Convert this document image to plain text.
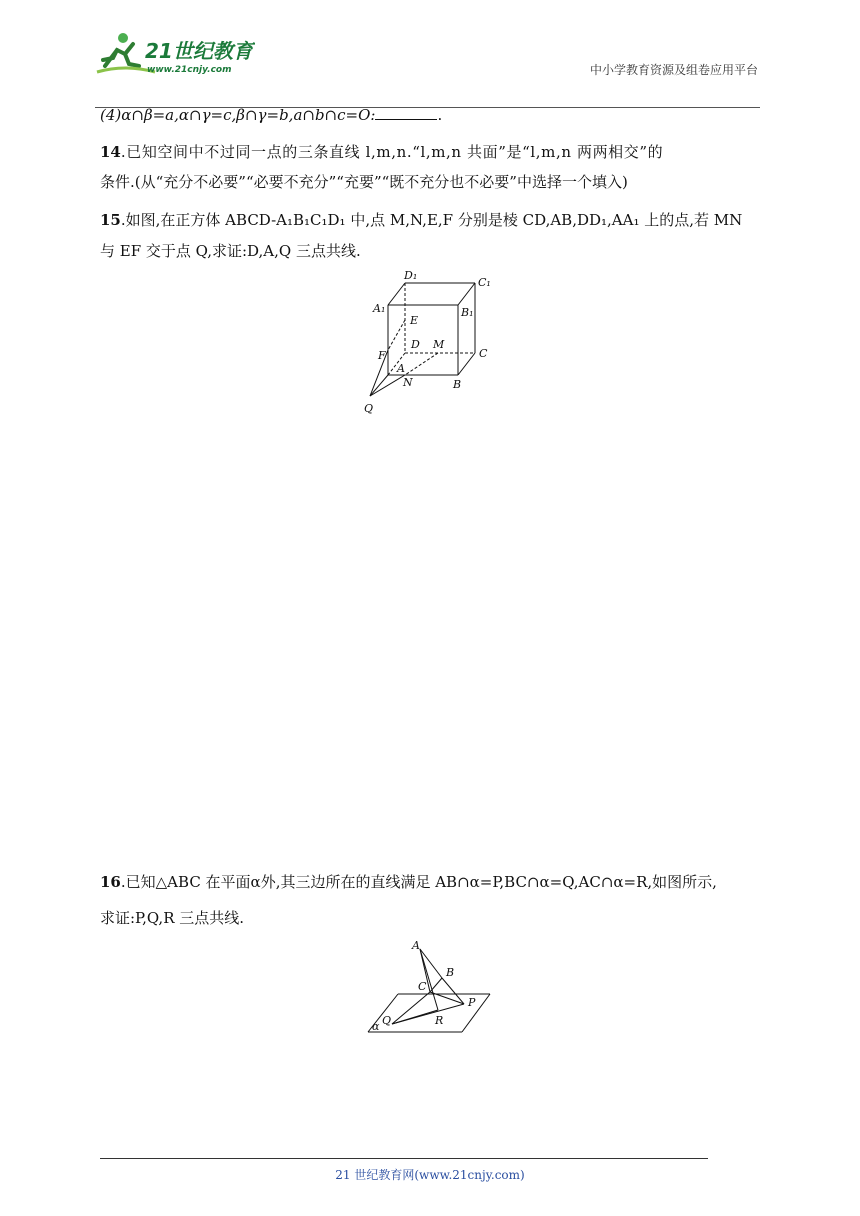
21世纪教育
www.21cnjy.com	中小学教育资源及组卷应用平台
(4)α∩β=a,α∩γ=c,β∩γ=b,a∩b∩c=O:	.
14.已知空间中不过同一点的三条直线 l,m,n.“l,m,n 共面”是“l,m,n 两两相交”的
条件.(从“充分不必要”“必要不充分”“充要”“既不充分也不必要”中选择一个填入)
15.如图,在正方体 ABCD-A₁B₁C₁D₁ 中,点 M,N,E,F 分别是棱 CD,AB,DD₁,AA₁ 上的点,若 MN
与 EF 交于点 Q,求证:D,A,Q 三点共线.
D₁
C₁
A₁	B₁
E
D M
C
F
A
N	B
Q
16.已知△ABC 在平面α外,其三边所在的直线满足 AB∩α=P,BC∩α=Q,AC∩α=R,如图所示,
求证:P,Q,R 三点共线.
A
B
C
P
Q	R
α
21 世纪教育网(www.21cnjy.com)
